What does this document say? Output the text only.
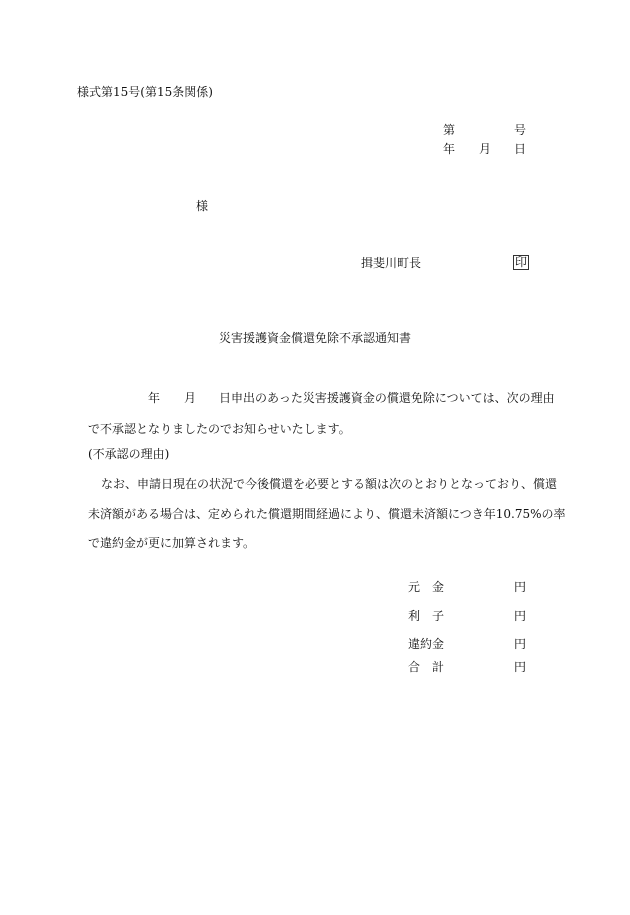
様式第15号(第15条関係)
第	号
年 月 日
様
揖斐川町長	印
災害援護資金償還免除不承認通知書
年 月 日申出のあった災害援護資金の償還免除については、次の理由
で不承認となりましたのでお知らせいたします。
(不承認の理由)
なお、申請日現在の状況で今後償還を必要とする額は次のとおりとなっており、償還
未済額がある場合は、定められた償還期間経過により、償還未済額につき年10.75%の率
で違約金が更に加算されます。
元　金	円
利　子	円
違約金	円
合　計	円
